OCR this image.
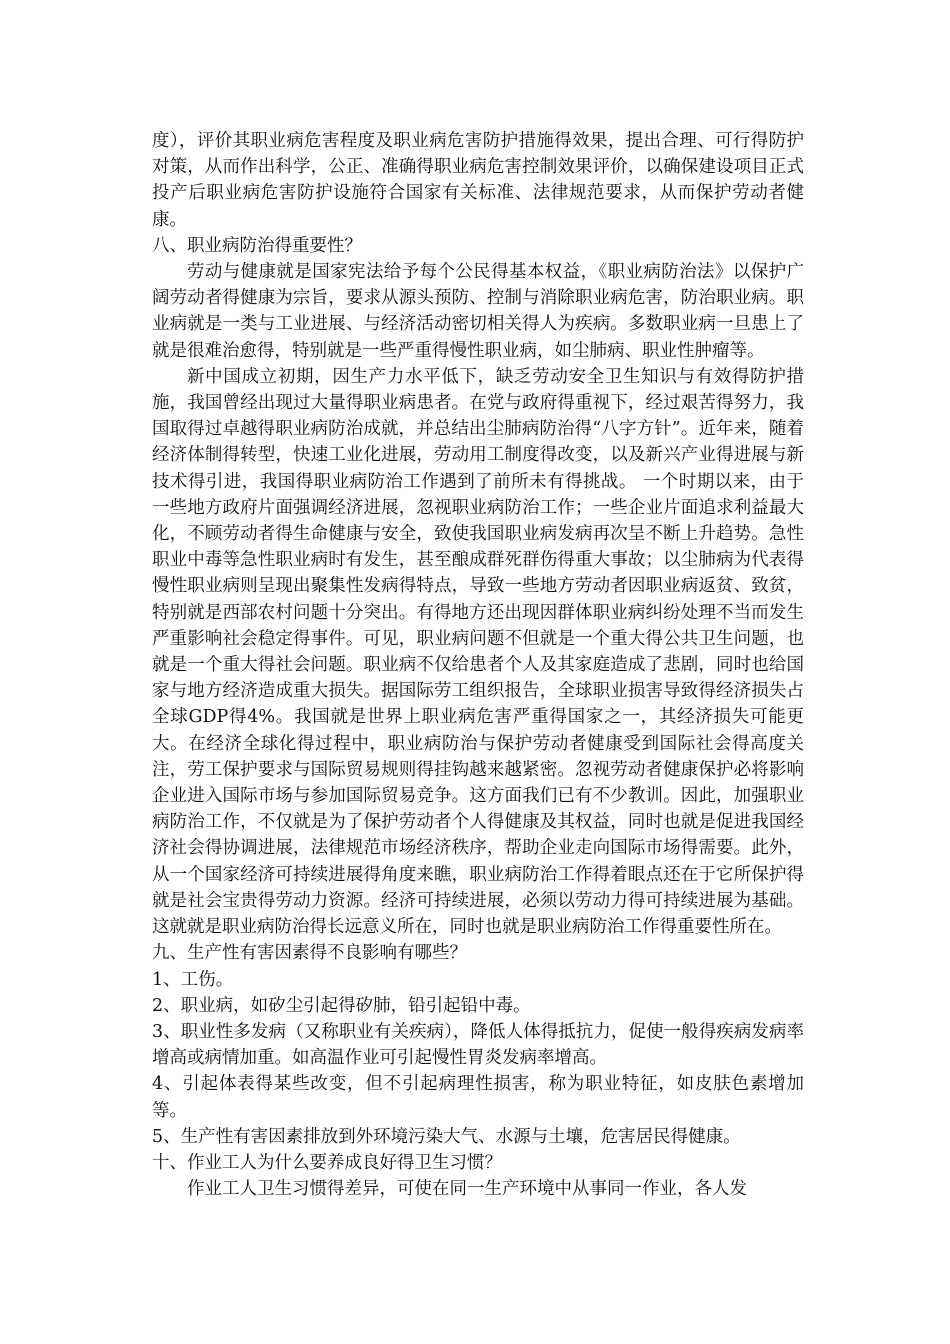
度），评价其职业病危害程度及职业病危害防护措施得效果，提出合理、可行得防护对策，从而作出科学，公正、准确得职业病危害控制效果评价，以确保建设项目正式投产后职业病危害防护设施符合国家有关标准、法律规范要求，从而保护劳动者健康。

八、职业病防治得重要性？

劳动与健康就是国家宪法给予每个公民得基本权益，《职业病防治法》以保护广阔劳动者得健康为宗旨，要求从源头预防、控制与消除职业病危害，防治职业病。职业病就是一类与工业进展、与经济活动密切相关得人为疾病。多数职业病一旦患上了就是很难治愈得，特别就是一些严重得慢性职业病，如尘肺病、职业性肿瘤等。

新中国成立初期，因生产力水平低下，缺乏劳动安全卫生知识与有效得防护措施，我国曾经出现过大量得职业病患者。在党与政府得重视下，经过艰苦得努力，我国取得过卓越得职业病防治成就，并总结出尘肺病防治得“八字方针”。近年来，随着经济体制得转型，快速工业化进展，劳动用工制度得改变，以及新兴产业得进展与新技术得引进，我国得职业病防治工作遇到了前所未有得挑战。 一个时期以来，由于一些地方政府片面强调经济进展，忽视职业病防治工作；一些企业片面追求利益最大化，不顾劳动者得生命健康与安全，致使我国职业病发病再次呈不断上升趋势。急性职业中毒等急性职业病时有发生，甚至酿成群死群伤得重大事故；以尘肺病为代表得慢性职业病则呈现出聚集性发病得特点，导致一些地方劳动者因职业病返贫、致贫，特别就是西部农村问题十分突出。有得地方还出现因群体职业病纠纷处理不当而发生严重影响社会稳定得事件。可见，职业病问题不但就是一个重大得公共卫生问题，也就是一个重大得社会问题。职业病不仅给患者个人及其家庭造成了悲剧，同时也给国家与地方经济造成重大损失。据国际劳工组织报告，全球职业损害导致得经济损失占全球GDP得4%。我国就是世界上职业病危害严重得国家之一，其经济损失可能更大。在经济全球化得过程中，职业病防治与保护劳动者健康受到国际社会得高度关注，劳工保护要求与国际贸易规则得挂钩越来越紧密。忽视劳动者健康保护必将影响企业进入国际市场与参加国际贸易竞争。这方面我们已有不少教训。因此，加强职业病防治工作，不仅就是为了保护劳动者个人得健康及其权益，同时也就是促进我国经济社会得协调进展，法律规范市场经济秩序，帮助企业走向国际市场得需要。此外，从一个国家经济可持续进展得角度来瞧，职业病防治工作得着眼点还在于它所保护得就是社会宝贵得劳动力资源。经济可持续进展，必须以劳动力得可持续进展为基础。这就就是职业病防治得长远意义所在，同时也就是职业病防治工作得重要性所在。

九、生产性有害因素得不良影响有哪些？

1、工伤。

2、职业病，如矽尘引起得矽肺，铅引起铅中毒。

3、职业性多发病（又称职业有关疾病），降低人体得抵抗力，促使一般得疾病发病率增高或病情加重。如高温作业可引起慢性胃炎发病率增高。

4、引起体表得某些改变，但不引起病理性损害，称为职业特征，如皮肤色素增加等。

5、生产性有害因素排放到外环境污染大气、水源与土壤，危害居民得健康。

十、作业工人为什么要养成良好得卫生习惯？

作业工人卫生习惯得差异，可使在同一生产环境中从事同一作业，各人发
